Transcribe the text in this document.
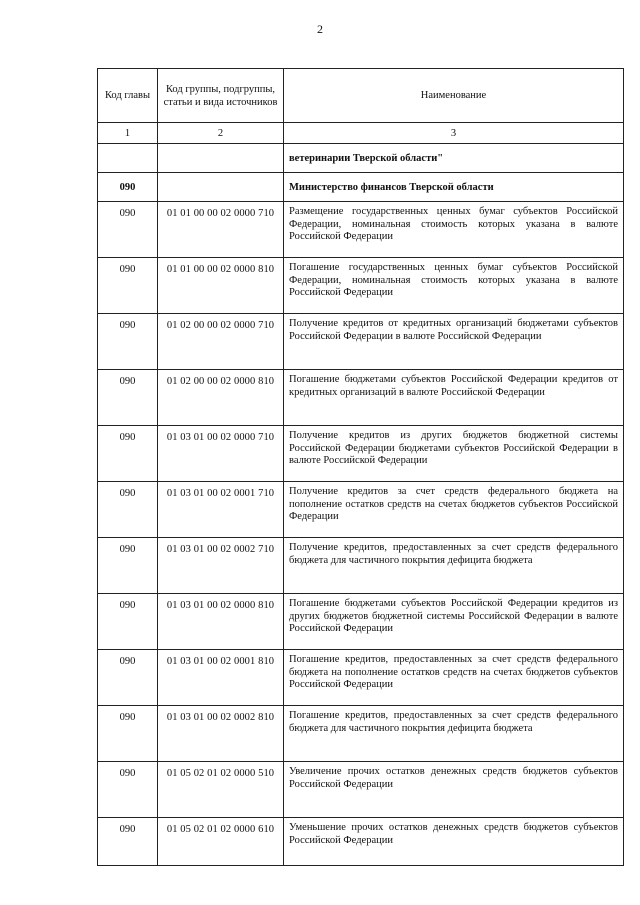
2
Код главы	Код группы, подгруппы, статьи и вида источников	Наименование
1	2	3
		ветеринарии Тверской области"
090		Министерство финансов Тверской области
090	01 01 00 00 02 0000 710	Размещение государственных ценных бумаг субъектов Российской Федерации, номинальная стоимость которых указана в валюте Российской Федерации
090	01 01 00 00 02 0000 810	Погашение государственных ценных бумаг субъектов Российской Федерации, номинальная стоимость которых указана в валюте Российской Федерации
090	01 02 00 00 02 0000 710	Получение кредитов от кредитных организаций бюджетами субъектов Российской Федерации в валюте Российской Федерации
090	01 02 00 00 02 0000 810	Погашение бюджетами субъектов Российской Федерации кредитов от кредитных организаций в валюте Российской Федерации
090	01 03 01 00 02 0000 710	Получение кредитов из других бюджетов бюджетной системы Российской Федерации бюджетами субъектов Российской Федерации в валюте Российской Федерации
090	01 03 01 00 02 0001 710	Получение кредитов за счет средств федерального бюджета на пополнение остатков средств на счетах бюджетов субъектов Российской Федерации
090	01 03 01 00 02 0002 710	Получение кредитов, предоставленных за счет средств федерального бюджета для частичного покрытия дефицита бюджета
090	01 03 01 00 02 0000 810	Погашение бюджетами субъектов Российской Федерации кредитов из других бюджетов бюджетной системы Российской Федерации в валюте Российской Федерации
090	01 03 01 00 02 0001 810	Погашение кредитов, предоставленных за счет средств федерального бюджета на пополнение остатков средств на счетах бюджетов субъектов Российской Федерации
090	01 03 01 00 02 0002 810	Погашение кредитов, предоставленных за счет средств федерального бюджета для частичного покрытия дефицита бюджета
090	01 05 02 01 02 0000 510	Увеличение прочих остатков денежных средств бюджетов субъектов Российской Федерации
090	01 05 02 01 02 0000 610	Уменьшение прочих остатков денежных средств бюджетов субъектов Российской Федерации
